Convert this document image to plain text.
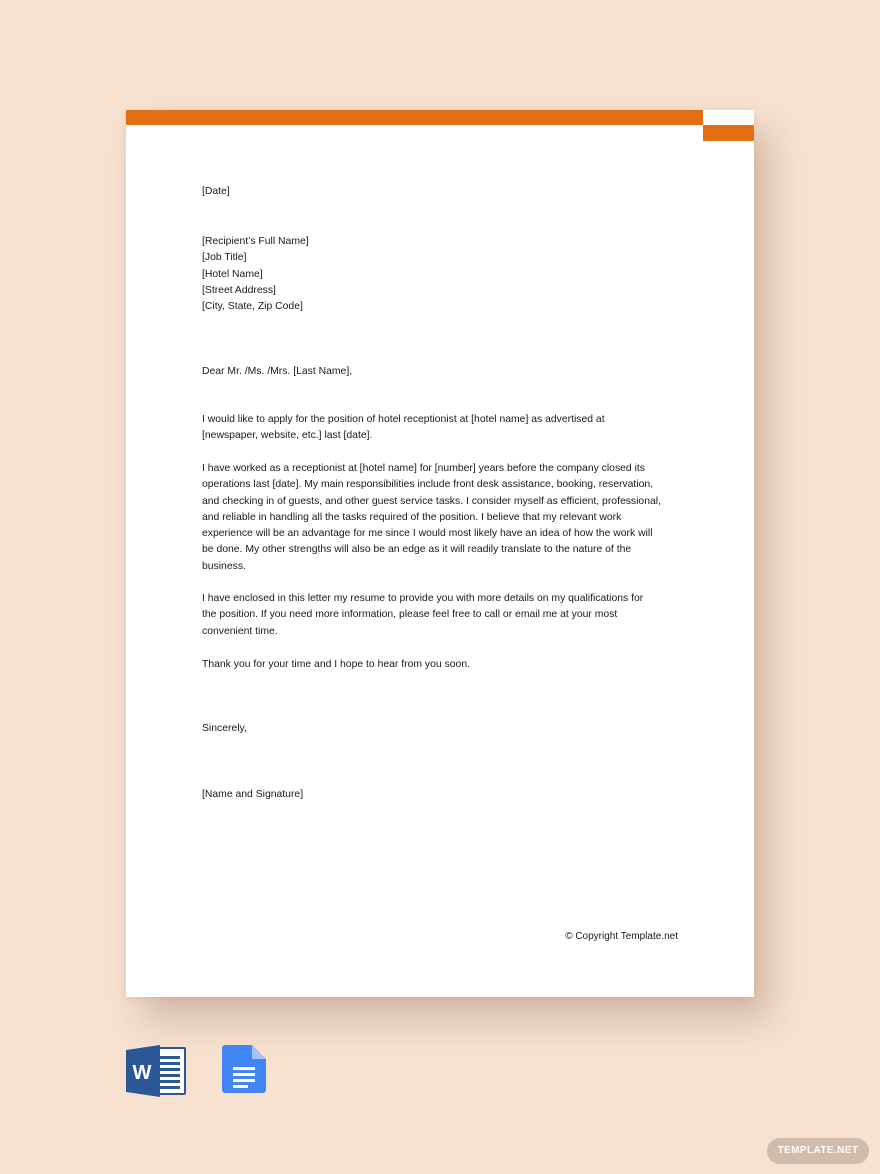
[Date]

[Recipient’s Full Name]
[Job Title]
[Hotel Name]
[Street Address]
[City, State, Zip Code]

Dear Mr. /Ms. /Mrs. [Last Name],

I would like to apply for the position of hotel receptionist at [hotel name] as advertised at
[newspaper, website, etc.] last [date].

I have worked as a receptionist at [hotel name] for [number] years before the company closed its
operations last [date]. My main responsibilities include front desk assistance, booking, reservation,
and checking in of guests, and other guest service tasks. I consider myself as efficient, professional,
and reliable in handling all the tasks required of the position. I believe that my relevant work
experience will be an advantage for me since I would most likely have an idea of how the work will
be done. My other strengths will also be an edge as it will readily translate to the nature of the
business.

I have enclosed in this letter my resume to provide you with more details on my qualifications for
the position. If you need more information, please feel free to call or email me at your most
convenient time.

Thank you for your time and I hope to hear from you soon.

Sincerely,

[Name and Signature]

© Copyright Template.net
W
TEMPLATE.NET
